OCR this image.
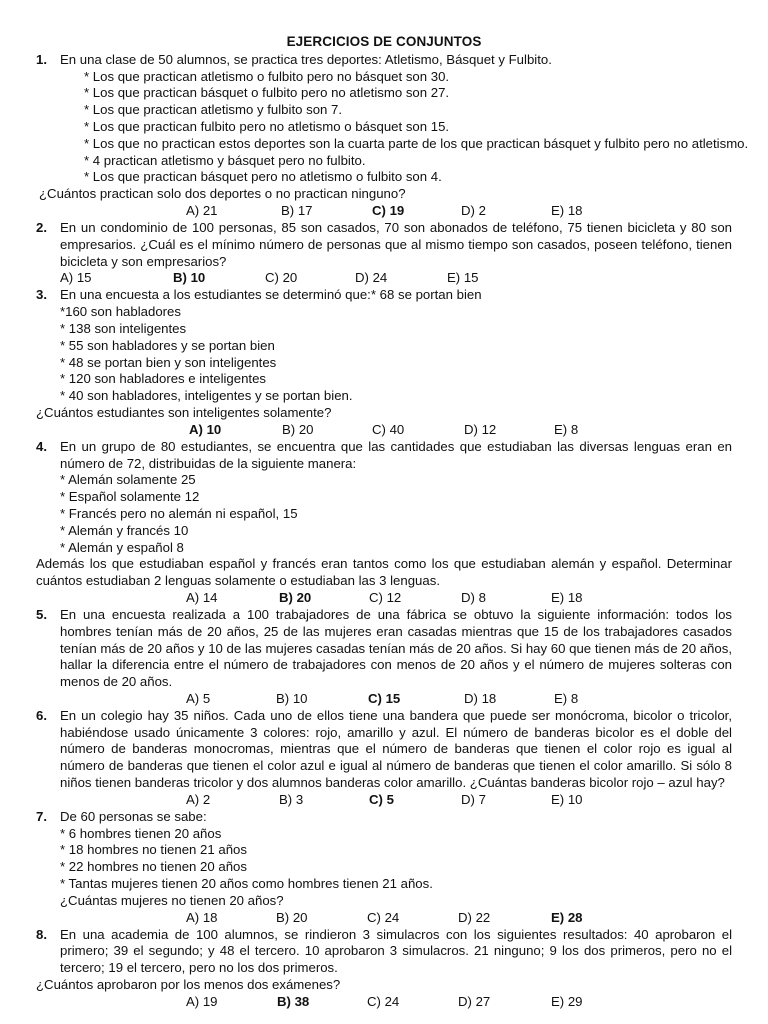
EJERCICIOS DE CONJUNTOS
1. En una clase de 50 alumnos, se practica tres deportes: Atletismo, Básquet y Fulbito.
* Los que practican atletismo o fulbito pero no básquet son 30.
* Los que practican básquet o fulbito pero no atletismo son 27.
* Los que practican atletismo y fulbito son 7.
* Los que practican fulbito pero no atletismo o básquet son 15.
* Los que no practican estos deportes son la cuarta parte de los que practican básquet y fulbito pero no atletismo.
* 4 practican atletismo y básquet pero no fulbito.
* Los que practican básquet pero no atletismo o fulbito son 4.
¿Cuántos practican solo dos deportes o no practican ninguno?
A) 21	B) 17	C) 19	D) 2	E) 18
2. En un condominio de 100 personas, 85 son casados, 70 son abonados de teléfono, 75 tienen bicicleta y 80 son empresarios. ¿Cuál es el mínimo número de personas que al mismo tiempo son casados, poseen teléfono, tienen bicicleta y son empresarios?
A) 15	B) 10	C) 20	D) 24	E) 15
3. En una encuesta a los estudiantes se determinó que:* 68 se portan bien
*160 son habladores
* 138 son inteligentes
* 55 son habladores y se portan bien
* 48 se portan bien y son inteligentes
* 120 son habladores e inteligentes
* 40 son habladores, inteligentes y se portan bien.
¿Cuántos estudiantes son inteligentes solamente?
A) 10	B) 20	C) 40	D) 12	E) 8
4. En un grupo de 80 estudiantes, se encuentra que las cantidades que estudiaban las diversas lenguas eran en número de 72, distribuidas de la siguiente manera:
* Alemán solamente 25
* Español solamente 12
* Francés pero no alemán ni español, 15
* Alemán y francés 10
* Alemán y español 8
Además los que estudiaban español y francés eran tantos como los que estudiaban alemán y español. Determinar cuántos estudiaban 2 lenguas solamente o estudiaban las 3 lenguas.
A) 14	B) 20	C) 12	D) 8	E) 18
5. En una encuesta realizada a 100 trabajadores de una fábrica se obtuvo la siguiente información: todos los hombres tenían más de 20 años, 25 de las mujeres eran casadas mientras que 15 de los trabajadores casados tenían más de 20 años y 10 de las mujeres casadas tenían más de 20 años. Si hay 60 que tienen más de 20 años, hallar la diferencia entre el número de trabajadores con menos de 20 años y el número de mujeres solteras con menos de 20 años.
A) 5	B) 10	C) 15	D) 18	E) 8
6. En un colegio hay 35 niños. Cada uno de ellos tiene una bandera que puede ser monócroma, bicolor o tricolor, habiéndose usado únicamente 3 colores: rojo, amarillo y azul. El número de banderas bicolor es el doble del número de banderas monocromas, mientras que el número de banderas que tienen el color rojo es igual al número de banderas que tienen el color azul e igual al número de banderas que tienen el color amarillo. Si sólo 8 niños tienen banderas tricolor y dos alumnos banderas color amarillo. ¿Cuántas banderas bicolor rojo – azul hay?
A) 2	B) 3	C) 5	D) 7	E) 10
7. De 60 personas se sabe:
* 6 hombres tienen 20 años
* 18 hombres no tienen 21 años
* 22 hombres no tienen 20 años
* Tantas mujeres tienen 20 años como hombres tienen 21 años.
¿Cuántas mujeres no tienen 20 años?
A) 18	B) 20	C) 24	D) 22	E) 28
8. En una academia de 100 alumnos, se rindieron 3 simulacros con los siguientes resultados: 40 aprobaron el primero; 39 el segundo; y 48 el tercero. 10 aprobaron 3 simulacros. 21 ninguno; 9 los dos primeros, pero no el tercero; 19 el tercero, pero no los dos primeros.
¿Cuántos aprobaron por los menos dos exámenes?
A) 19	B) 38	C) 24	D) 27	E) 29
